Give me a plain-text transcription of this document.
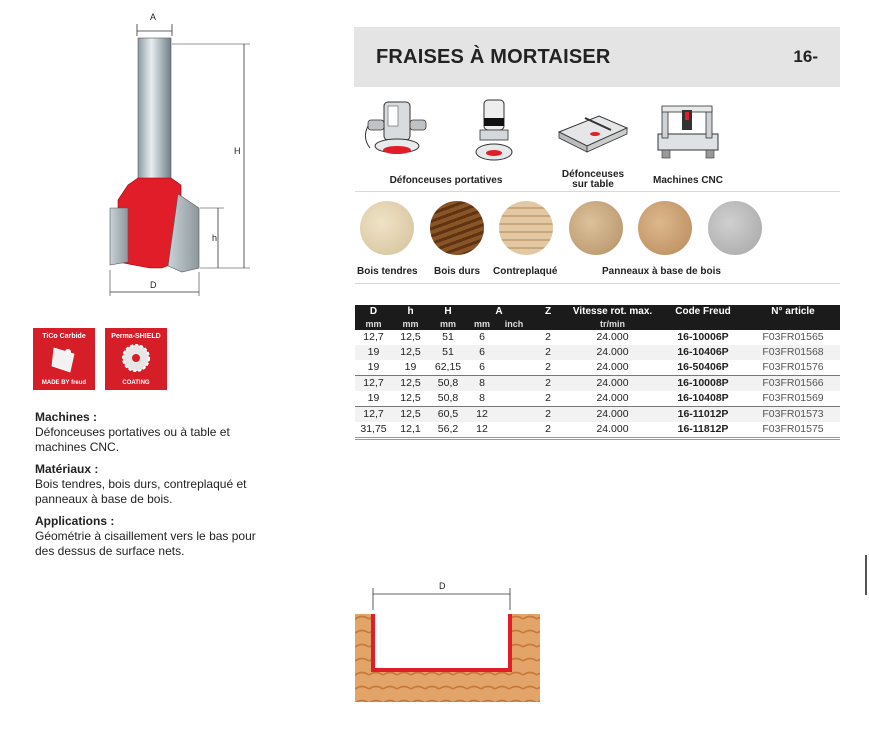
A
H
h
D
FRAISES À MORTAISER	16-
Défonceuses portatives
Défonceuses sur table	Machines CNC
Bois tendres Bois durs Contreplaqué	Panneaux à base de bois
D	h	H	A		Z	Vitesse rot. max.	Code Freud	N° article
mm	mm	mm	mm	inch		tr/min		
12,7	12,5	51	6		2	24.000	16-10006P	F03FR01565
19	12,5	51	6		2	24.000	16-10406P	F03FR01568
19	19	62,15	6		2	24.000	16-50406P	F03FR01576
12,7	12,5	50,8	8		2	24.000	16-10008P	F03FR01566
19	12,5	50,8	8		2	24.000	16-10408P	F03FR01569
12,7	12,5	60,5	12		2	24.000	16-11012P	F03FR01573
31,75	12,1	56,2	12		2	24.000	16-11812P	F03FR01575
TiCo Carbide
MADE BY freud
Perma-SHIELD
COATING
Machines :
Défonceuses portatives ou à table et machines CNC.
Matériaux :
Bois tendres, bois durs, contreplaqué et panneaux à base de bois.
Applications :
Géométrie à cisaillement vers le bas pour des dessus de surface nets.
D
